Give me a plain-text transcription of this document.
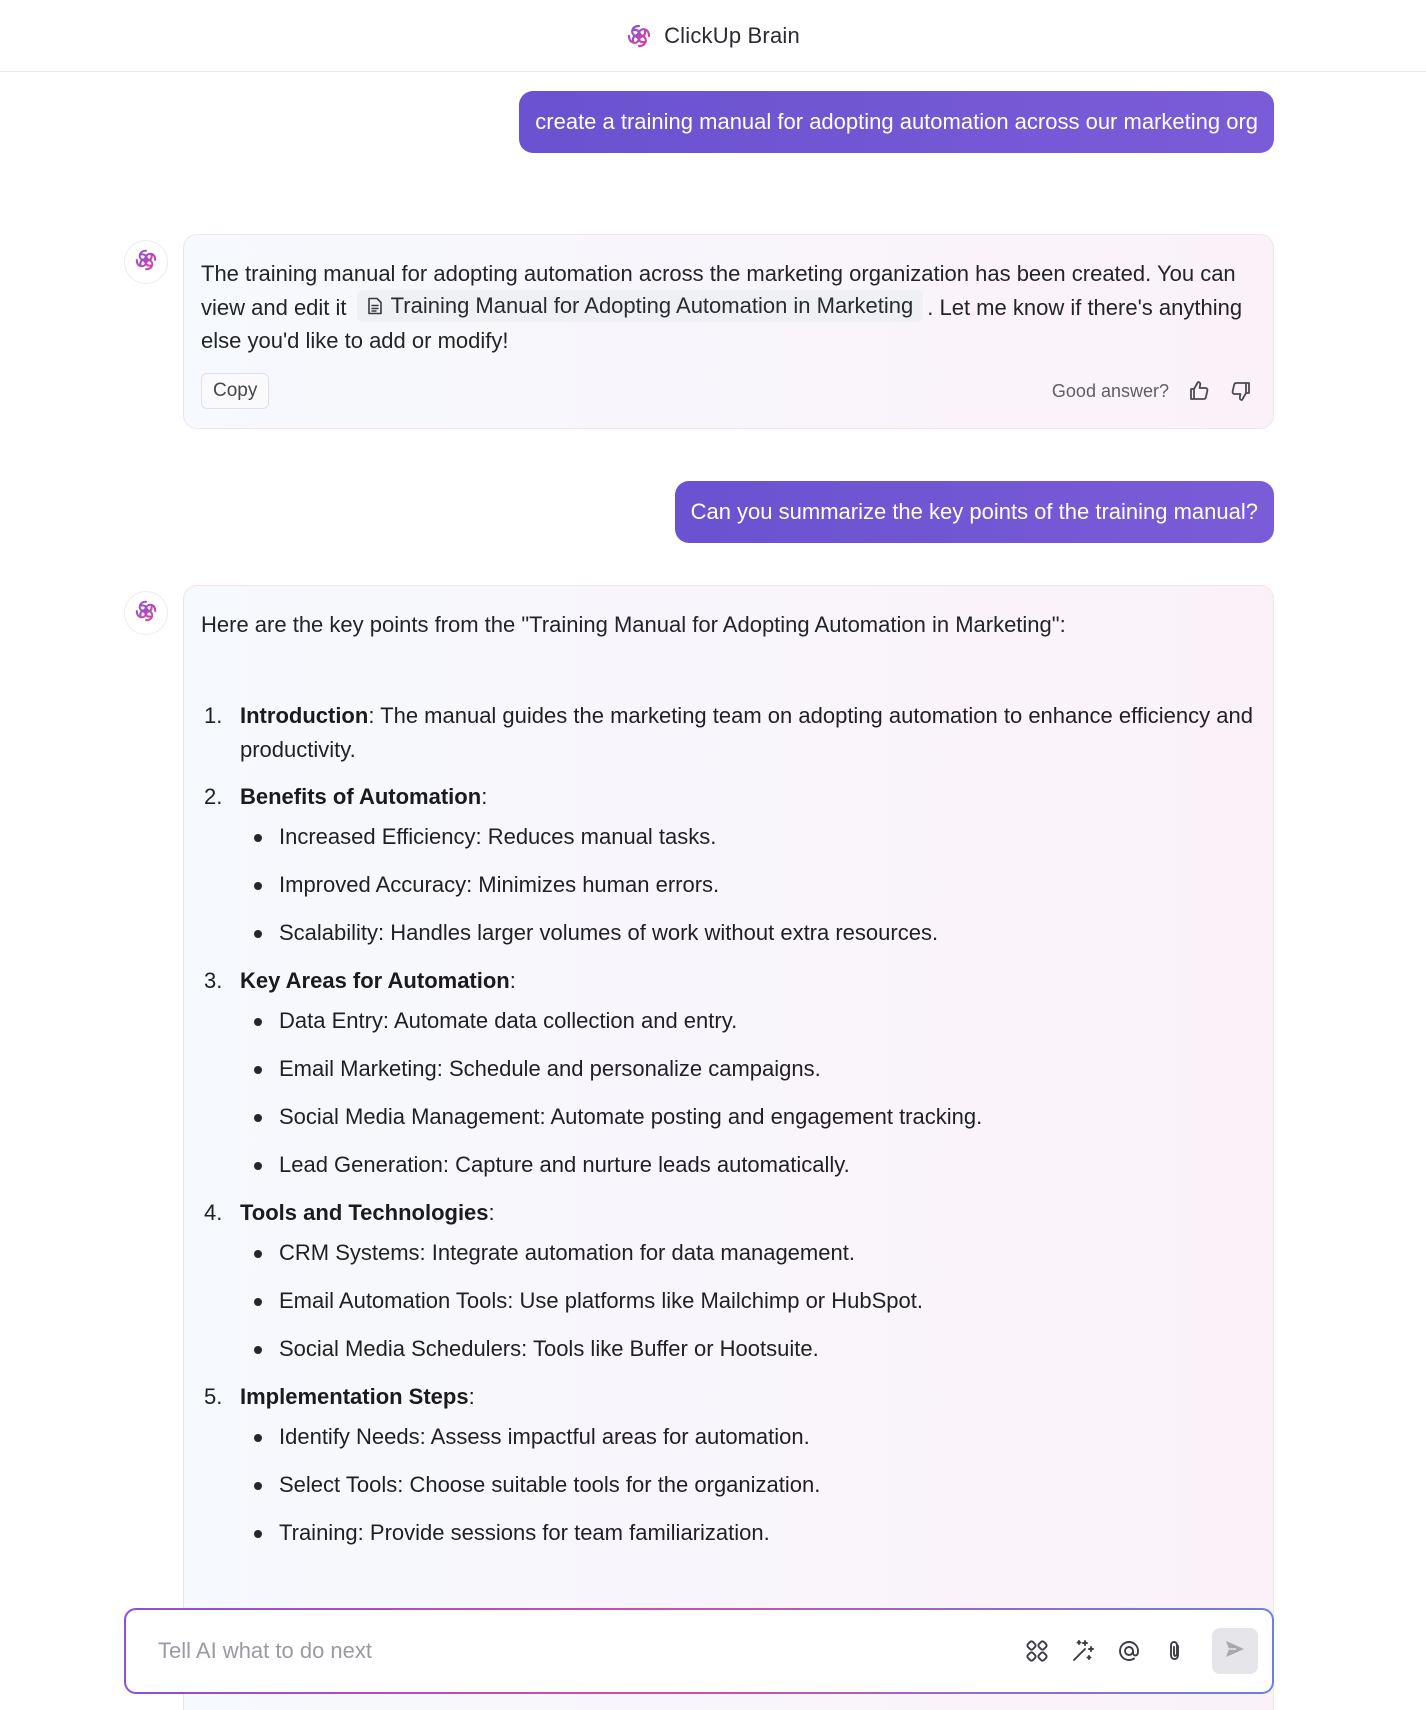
ClickUp Brain
create a training manual for adopting automation across our marketing org
The training manual for adopting automation across the marketing organization has been created. You can view and edit it Training Manual for Adopting Automation in Marketing . Let me know if there's anything else you'd like to add or modify!
Copy	Good answer?
Can you summarize the key points of the training manual?
Here are the key points from the "Training Manual for Adopting Automation in Marketing":
1. Introduction: The manual guides the marketing team on adopting automation to enhance efficiency and productivity.
2. Benefits of Automation:
Increased Efficiency: Reduces manual tasks.
Improved Accuracy: Minimizes human errors.
Scalability: Handles larger volumes of work without extra resources.
3. Key Areas for Automation:
Data Entry: Automate data collection and entry.
Email Marketing: Schedule and personalize campaigns.
Social Media Management: Automate posting and engagement tracking.
Lead Generation: Capture and nurture leads automatically.
4. Tools and Technologies:
CRM Systems: Integrate automation for data management.
Email Automation Tools: Use platforms like Mailchimp or HubSpot.
Social Media Schedulers: Tools like Buffer or Hootsuite.
5. Implementation Steps:
Identify Needs: Assess impactful areas for automation.
Select Tools: Choose suitable tools for the organization.
Training: Provide sessions for team familiarization.
Tell AI what to do next
